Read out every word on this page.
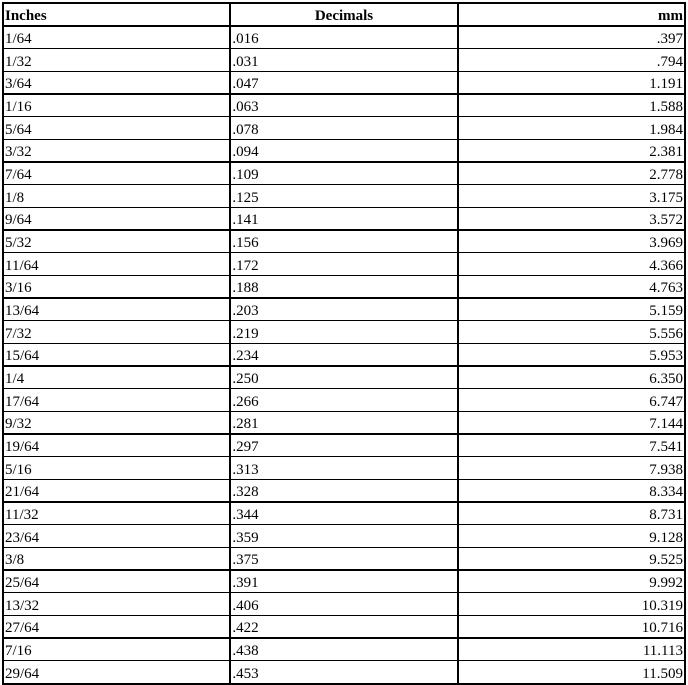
Inches	Decimals	mm
1/64	.016	.397
1/32	.031	.794
3/64	.047	1.191
1/16	.063	1.588
5/64	.078	1.984
3/32	.094	2.381
7/64	.109	2.778
1/8	.125	3.175
9/64	.141	3.572
5/32	.156	3.969
11/64	.172	4.366
3/16	.188	4.763
13/64	.203	5.159
7/32	.219	5.556
15/64	.234	5.953
1/4	.250	6.350
17/64	.266	6.747
9/32	.281	7.144
19/64	.297	7.541
5/16	.313	7.938
21/64	.328	8.334
11/32	.344	8.731
23/64	.359	9.128
3/8	.375	9.525
25/64	.391	9.992
13/32	.406	10.319
27/64	.422	10.716
7/16	.438	11.113
29/64	.453	11.509
